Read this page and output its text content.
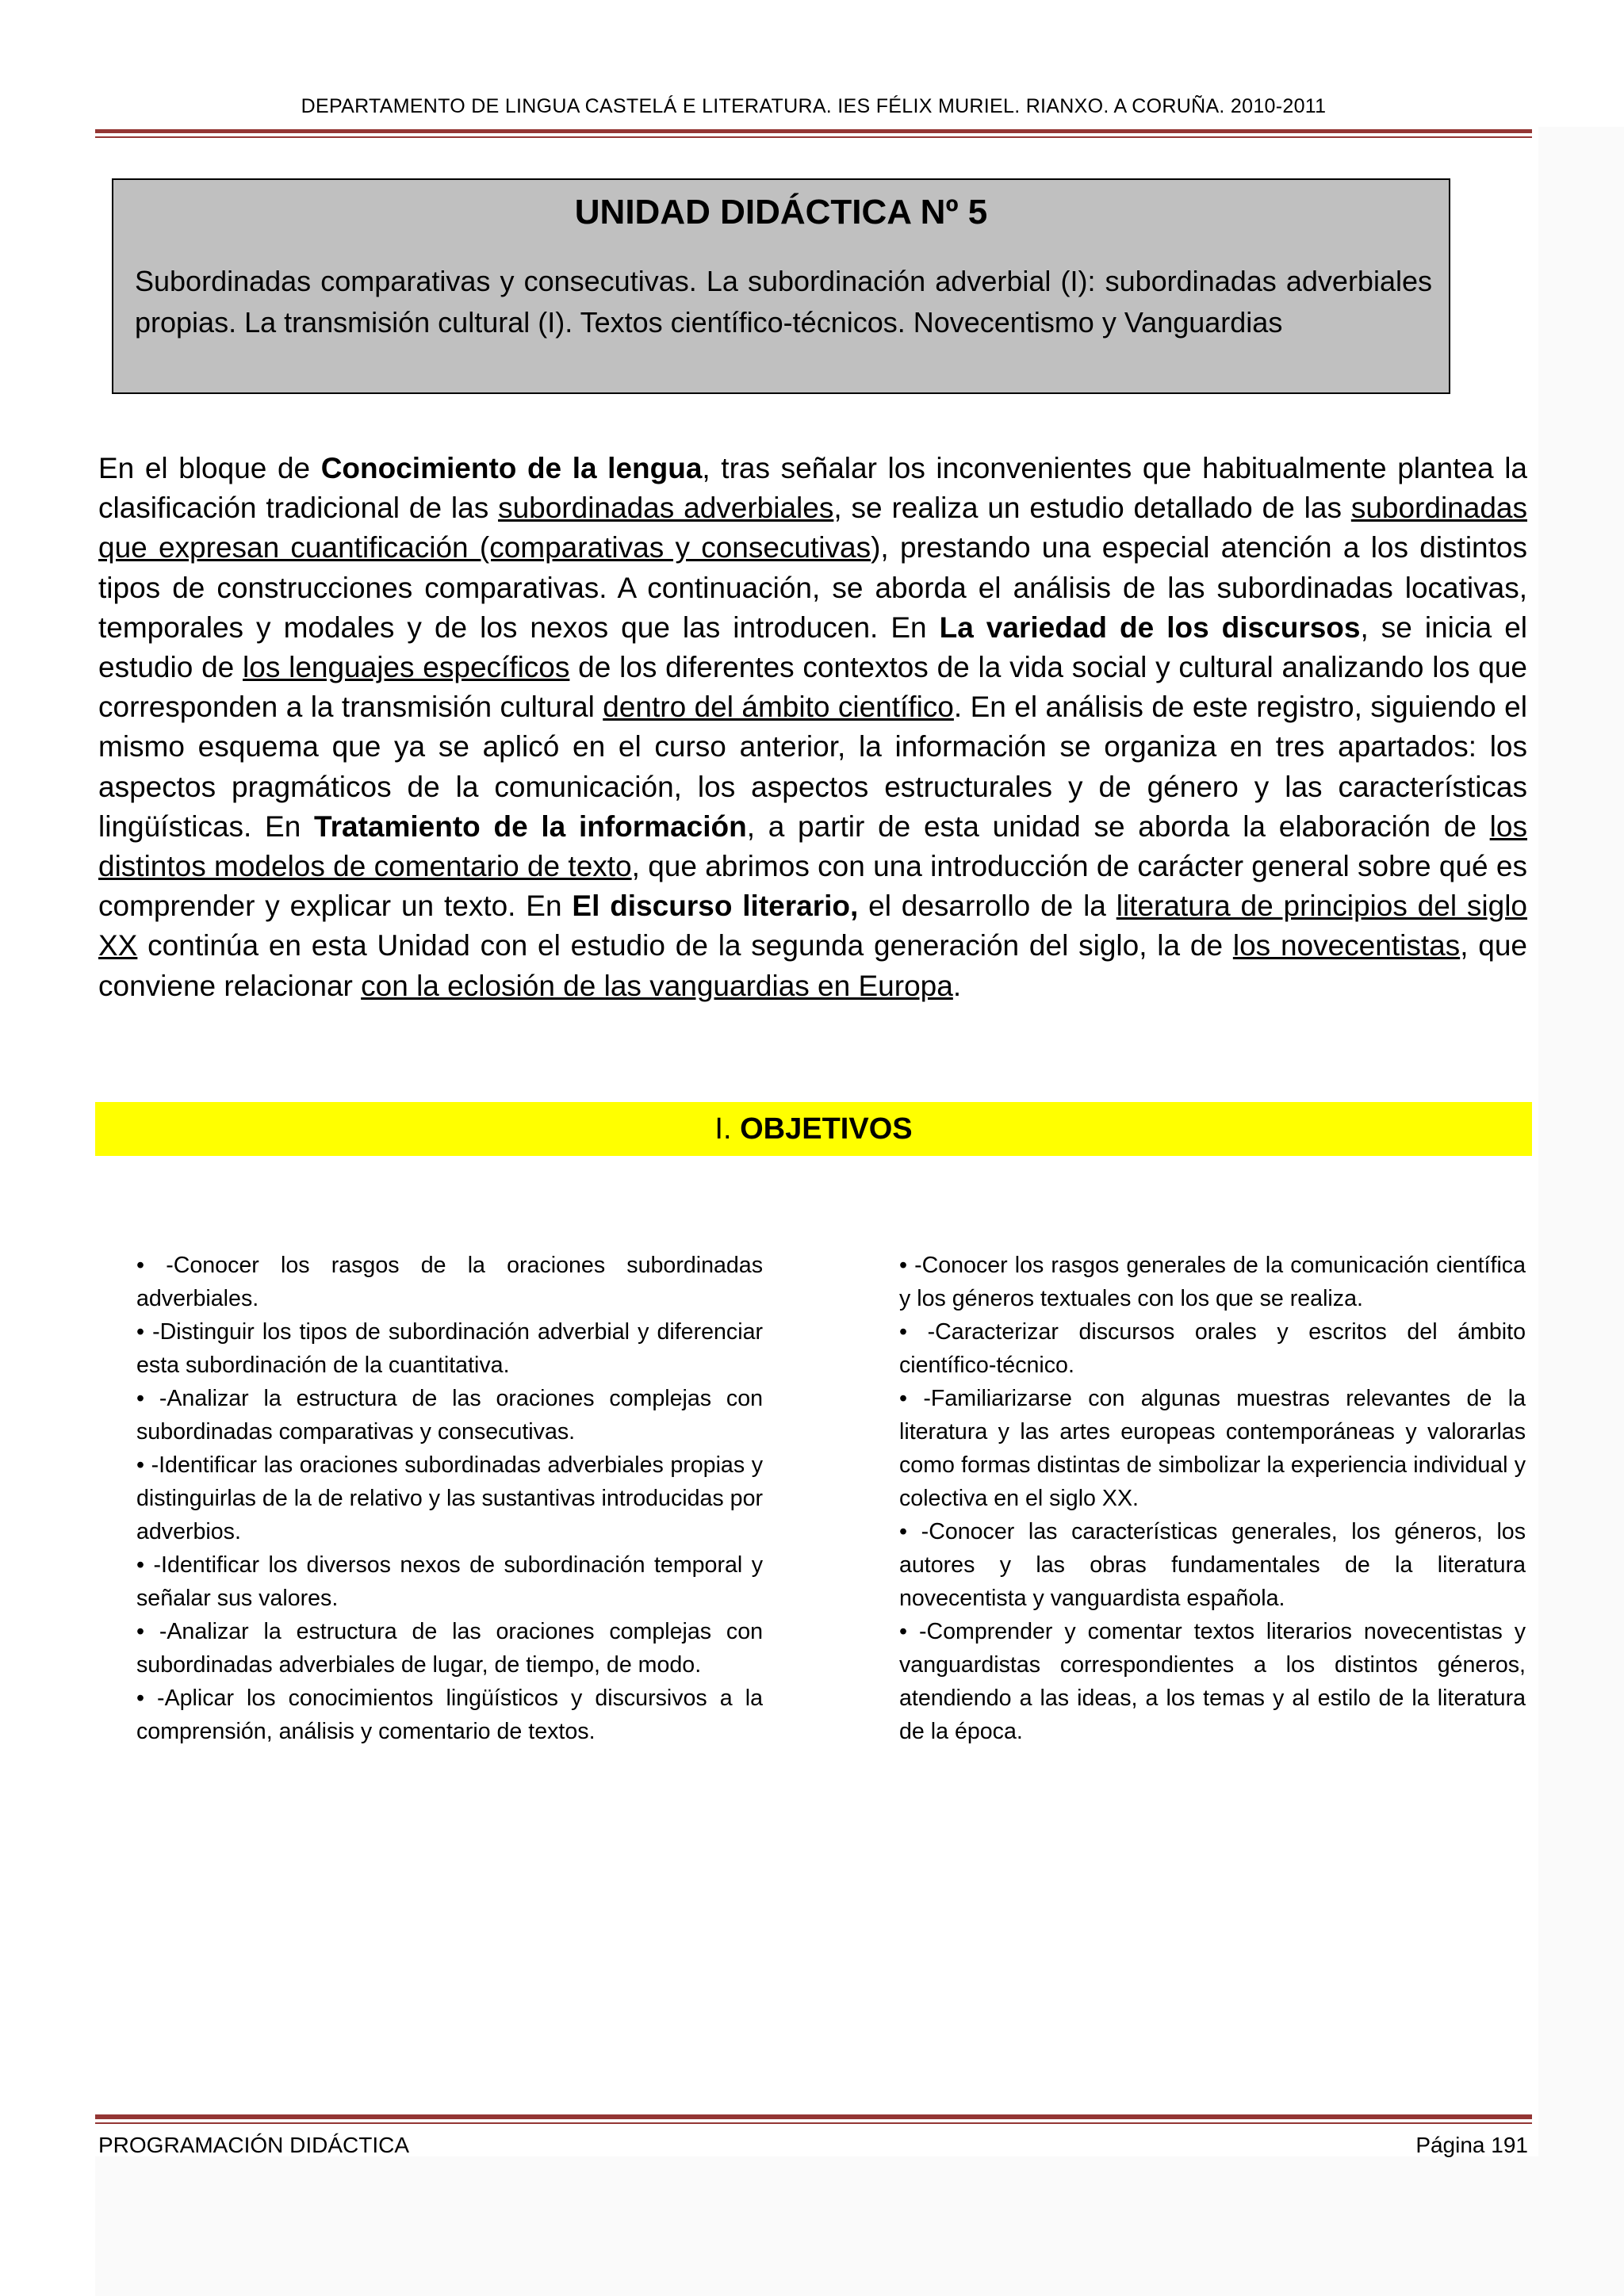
DEPARTAMENTO DE LINGUA CASTELÁ E LITERATURA. IES FÉLIX MURIEL. RIANXO. A CORUÑA. 2010-2011
UNIDAD DIDÁCTICA Nº 5
Subordinadas comparativas y consecutivas. La subordinación adverbial (I): subordinadas adverbiales propias. La transmisión cultural (I). Textos científico-técnicos. Novecentismo y Vanguardias
En el bloque de Conocimiento de la lengua, tras señalar los inconvenientes que habitualmente plantea la clasificación tradicional de las subordinadas adverbiales, se realiza un estudio detallado de las subordinadas que expresan cuantificación (comparativas y consecutivas), prestando una especial atención a los distintos tipos de construcciones comparativas. A continuación, se aborda el análisis de las subordinadas locativas, temporales y modales y de los nexos que las introducen. En La variedad de los discursos, se inicia el estudio de los lenguajes específicos de los diferentes contextos de la vida social y cultural analizando los que corresponden a la transmisión cultural dentro del ámbito científico. En el análisis de este registro, siguiendo el mismo esquema que ya se aplicó en el curso anterior, la información se organiza en tres apartados: los aspectos pragmáticos de la comunicación, los aspectos estructurales y de género y las características lingüísticas. En Tratamiento de la información, a partir de esta unidad se aborda la elaboración de los distintos modelos de comentario de texto, que abrimos con una introducción de carácter general sobre qué es comprender y explicar un texto. En El discurso literario, el desarrollo de la literatura de principios del siglo XX continúa en esta Unidad con el estudio de la segunda generación del siglo, la de los novecentistas, que conviene relacionar con la eclosión de las vanguardias en Europa.
I. OBJETIVOS

• -Conocer los rasgos de la oraciones subordinadas adverbiales.

• -Distinguir los tipos de subordinación adverbial y diferenciar esta subordinación de la cuantitativa.

• -Analizar la estructura de las oraciones complejas con subordinadas comparativas y consecutivas.

• -Identificar las oraciones subordinadas adverbiales propias y distinguirlas de la de relativo y las sustantivas introducidas por adverbios.

• -Identificar los diversos nexos de subordinación temporal y señalar sus valores.

• -Analizar la estructura de las oraciones complejas con subordinadas adverbiales de lugar, de tiempo, de modo.

• -Aplicar los conocimientos lingüísticos y discursivos a la comprensión, análisis y comentario de textos.

• -Conocer los rasgos generales de la comunicación científica y los géneros textuales con los que se realiza.

• -Caracterizar discursos orales y escritos del ámbito científico-técnico.

• -Familiarizarse con algunas muestras relevantes de la literatura y las artes europeas contemporáneas y valorarlas como formas distintas de simbolizar la experiencia individual y colectiva en el siglo XX.

• -Conocer las características generales, los géneros, los autores y las obras fundamentales de la literatura novecentista y vanguardista española.

• -Comprender y comentar textos literarios novecentistas y vanguardistas correspondientes a los distintos géneros, atendiendo a las ideas, a los temas y al estilo de la literatura de la época.

PROGRAMACIÓN DIDÁCTICA	Página 191
